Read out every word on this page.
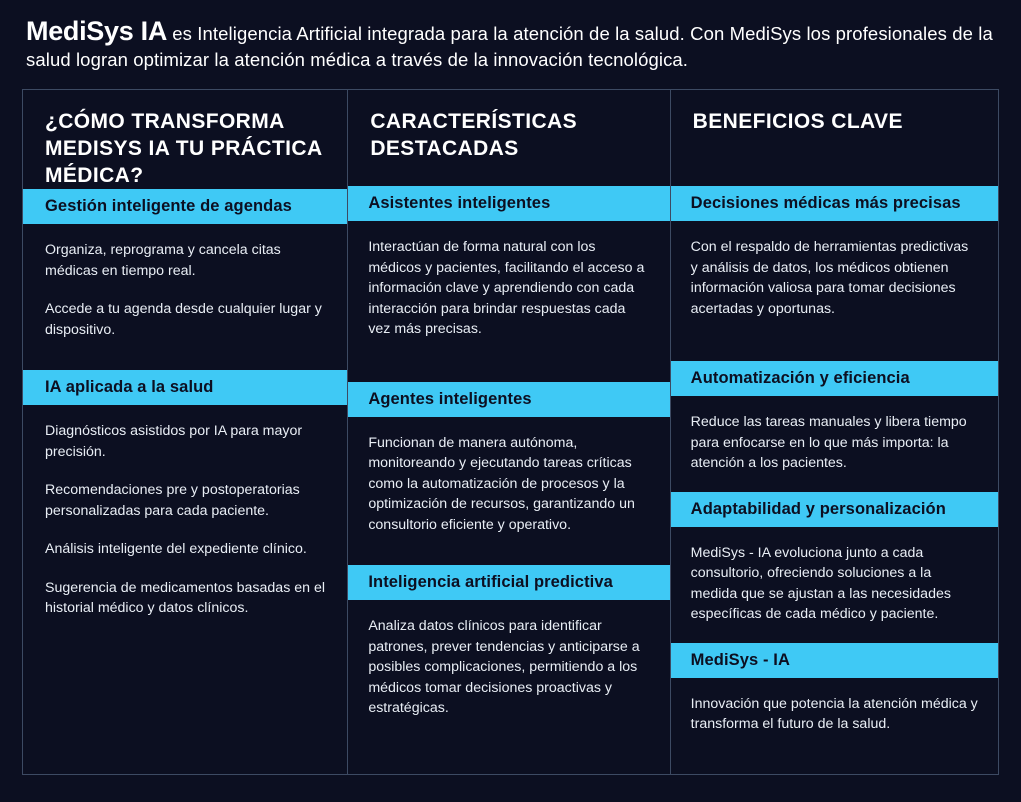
MediSys IA es Inteligencia Artificial integrada para la atención de la salud. Con MediSys los profesionales de la salud logran optimizar la atención médica a través de la innovación tecnológica.
¿CÓMO TRANSFORMA MEDISYS IA TU PRÁCTICA MÉDICA?
Gestión inteligente de agendas

Organiza, reprograma y cancela citas médicas en tiempo real.

Accede a tu agenda desde cualquier lugar y dispositivo.

IA aplicada a la salud

Diagnósticos asistidos por IA para mayor precisión.

Recomendaciones pre y postoperatorias personalizadas para cada paciente.

Análisis inteligente del expediente clínico.

Sugerencia de medicamentos basadas en el historial médico y datos clínicos.

CARACTERÍSTICAS DESTACADAS
Asistentes inteligentes

Interactúan de forma natural con los médicos y pacientes, facilitando el acceso a información clave y aprendiendo con cada interacción para brindar respuestas cada vez más precisas.

Agentes inteligentes

Funcionan de manera autónoma, monitoreando y ejecutando tareas críticas como la automatización de procesos y la optimización de recursos, garantizando un consultorio eficiente y operativo.

Inteligencia artificial predictiva

Analiza datos clínicos para identificar patrones, prever tendencias y anticiparse a posibles complicaciones, permitiendo a los médicos tomar decisiones proactivas y estratégicas.

BENEFICIOS CLAVE
Decisiones médicas más precisas

Con el respaldo de herramientas predictivas y análisis de datos, los médicos obtienen información valiosa para tomar decisiones acertadas y oportunas.

Automatización y eficiencia

Reduce las tareas manuales y libera tiempo para enfocarse en lo que más importa: la atención a los pacientes.

Adaptabilidad y personalización

MediSys - IA evoluciona junto a cada consultorio, ofreciendo soluciones a la medida que se ajustan a las necesidades específicas de cada médico y paciente.

MediSys - IA

Innovación que potencia la atención médica y transforma el futuro de la salud.
